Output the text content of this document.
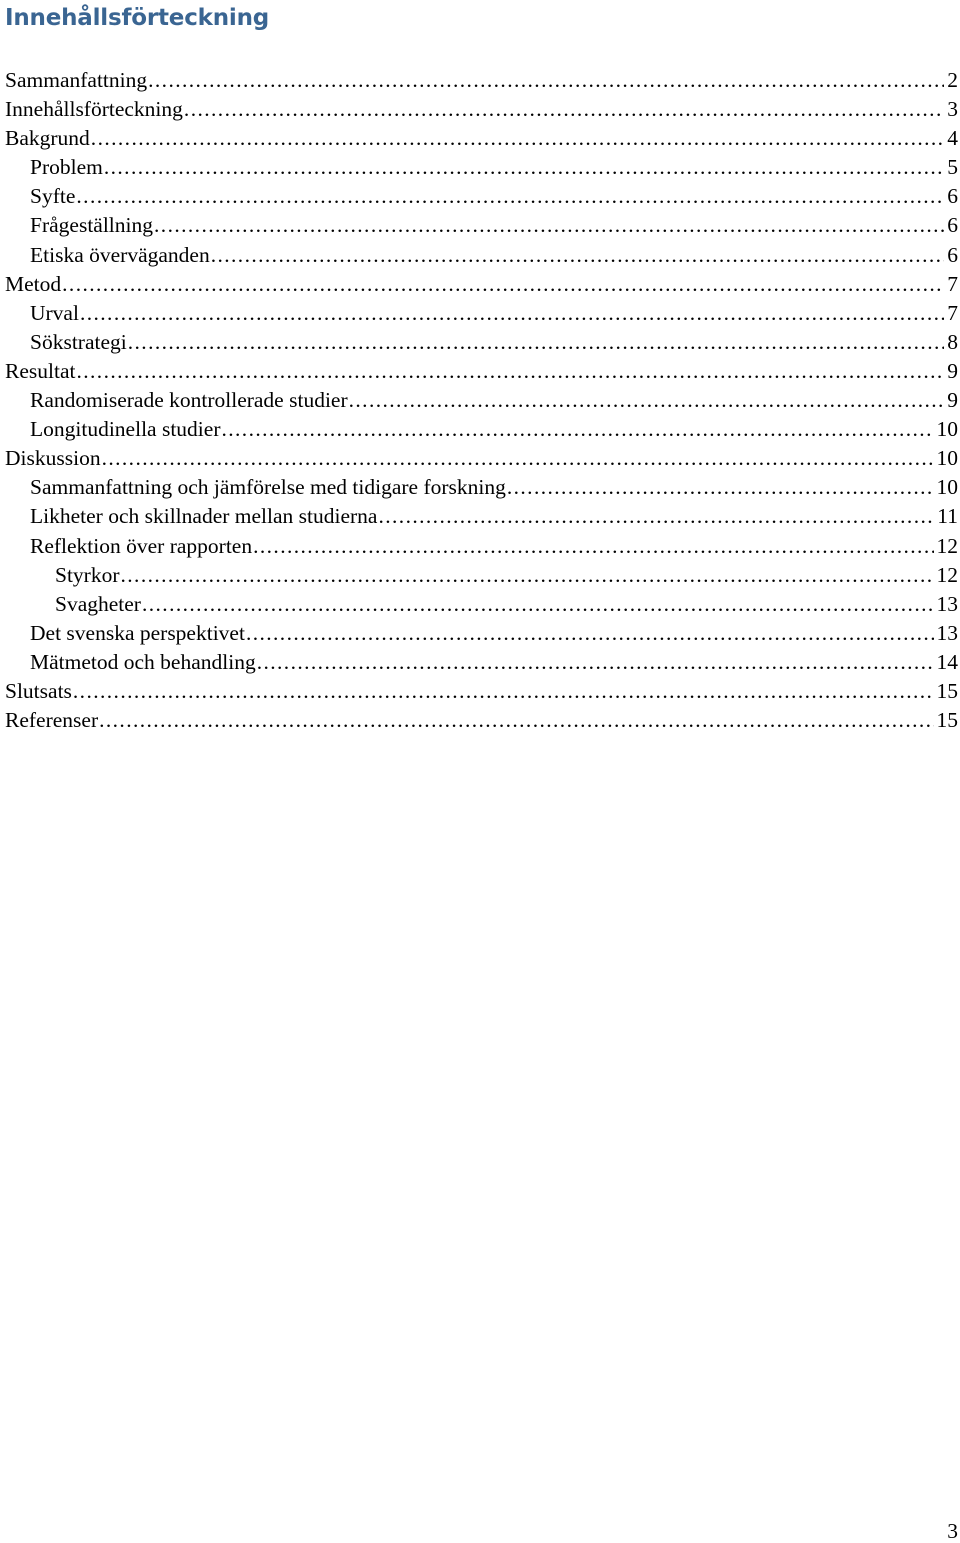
Innehållsförteckning
Sammanfattning .....	2
Innehållsförteckning .....	3
Bakgrund .....	4
Problem .....	5
Syfte .....	6
Frågeställning .....	6
Etiska överväganden .....	6
Metod .....	7
Urval .....	7
Sökstrategi .....	8
Resultat .....	9
Randomiserade kontrollerade studier .....	9
Longitudinella studier .....	10
Diskussion .....	10
Sammanfattning och jämförelse med tidigare forskning .....	10
Likheter och skillnader mellan studierna .....	11
Reflektion över rapporten .....	12
Styrkor .....	12
Svagheter .....	13
Det svenska perspektivet .....	13
Mätmetod och behandling .....	14
Slutsats .....	15
Referenser .....	15
3
